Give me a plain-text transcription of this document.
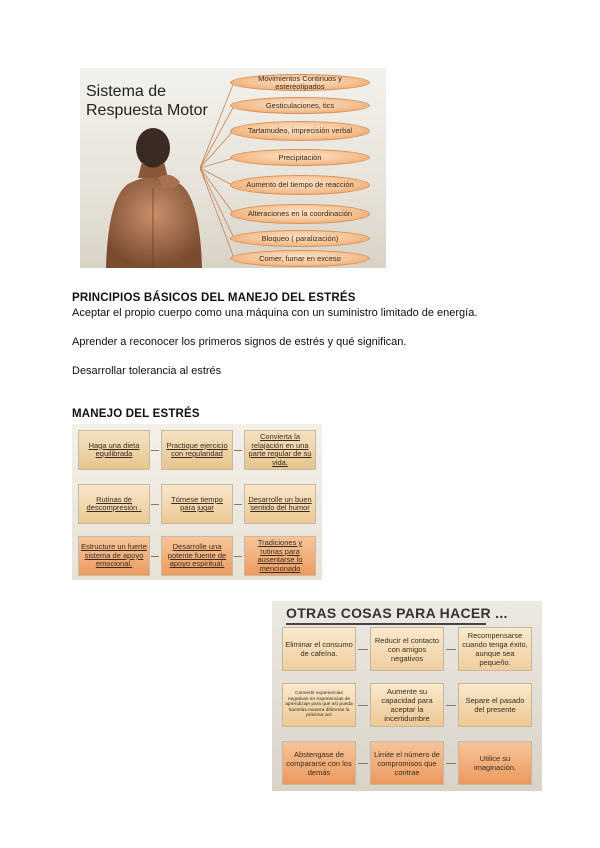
Sistema de
Respuesta Motor
Movimientos Continuos y estereotipados
Gesticulaciones, tics
Tartamudeo, imprecisión verbal
Precipitación
Aumento del tiempo de reacción
Alteraciones en la coordinación
Bloqueo ( paralización)
Comer, fumar en exceso
PRINCIPIOS BÁSICOS DEL MANEJO DEL ESTRÉS
Aceptar el propio cuerpo como una máquina con un suministro limitado de energía.
Aprender a reconocer los primeros signos de estrés y qué significan.
Desarrollar tolerancia al estrés
MANEJO DEL ESTRÉS
Haga una dieta equilibrada
Practique ejercicio con regularidad
Convierta la relajación en una parte regular de su vida.
Rutinas de descompresión .
Tómese tiempo para jugar
Desarrolle un buen sentido del humor
Estructure un fuerte sistema de apoyo emocional.
Desarrolle una potente fuente de apoyo espiritual.
Tradiciones y rutinas para ausentarse lo mencionado
OTRAS COSAS PARA HACER ...
Eliminar el consumo de cafeína.
Reducir el contacto con amigos negativos
Recompensarse cuando tenga éxito, aunque sea pequeño.
Convertir experiencias negativas en experiencias de aprendizaje para que así pueda hacerlas manera diferente la próxima vez
Aumente su capacidad para aceptar la incertidumbre
Separe el pasado del presente
Abstengase de compararse con los demás
Limite el número de compromisos que contrae
Utilice su imaginación.
